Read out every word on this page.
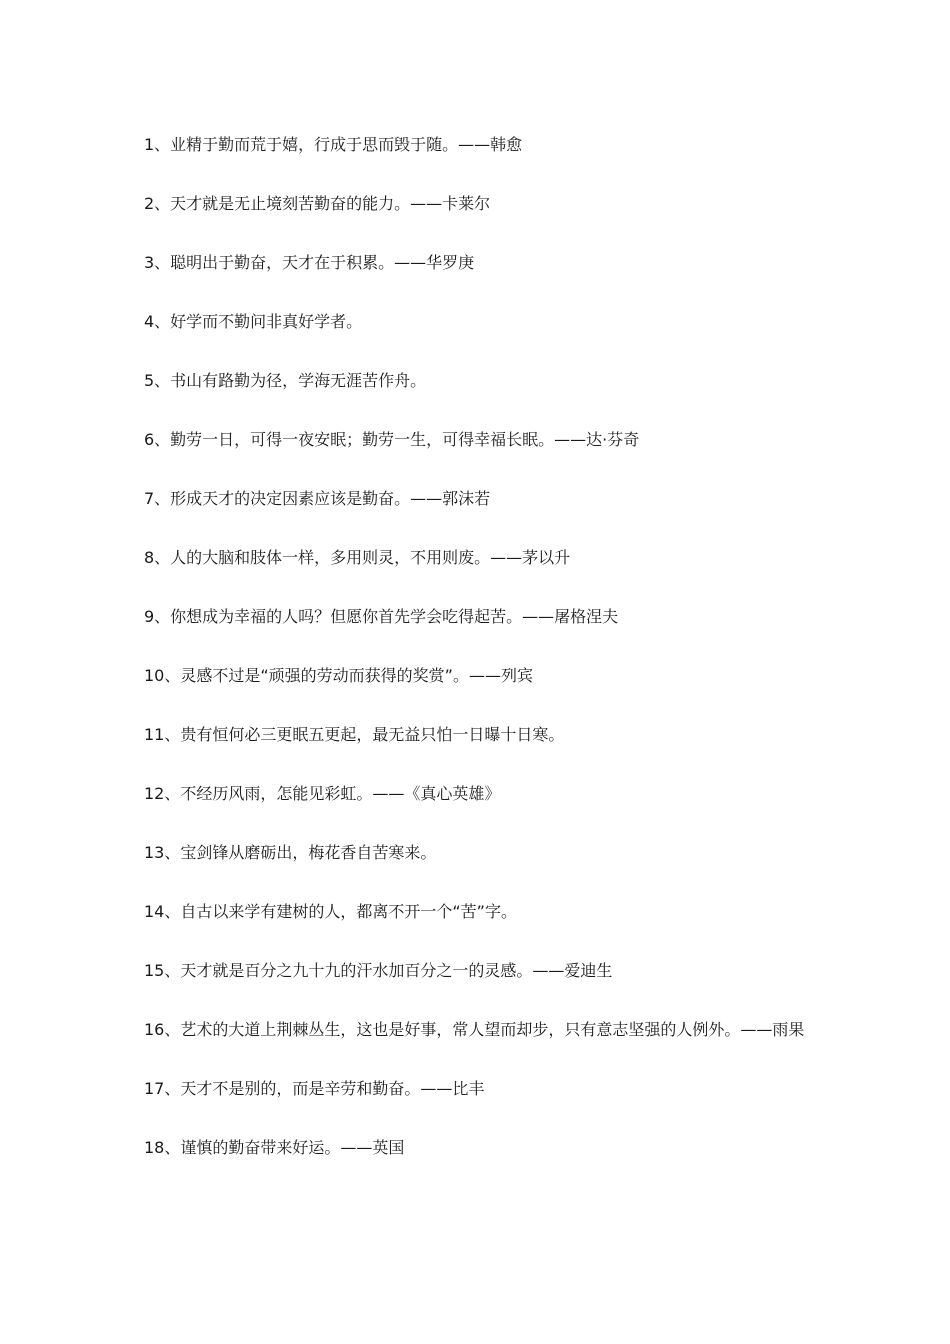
1、业精于勤而荒于嬉，行成于思而毁于随。——韩愈
2、天才就是无止境刻苦勤奋的能力。——卡莱尔
3、聪明出于勤奋，天才在于积累。——华罗庚
4、好学而不勤问非真好学者。
5、书山有路勤为径，学海无涯苦作舟。
6、勤劳一日，可得一夜安眠；勤劳一生，可得幸福长眠。——达·芬奇
7、形成天才的决定因素应该是勤奋。——郭沫若
8、人的大脑和肢体一样，多用则灵，不用则废。——茅以升
9、你想成为幸福的人吗？但愿你首先学会吃得起苦。——屠格涅夫
10、灵感不过是“顽强的劳动而获得的奖赏”。——列宾
11、贵有恒何必三更眠五更起，最无益只怕一日曝十日寒。
12、不经历风雨，怎能见彩虹。——《真心英雄》
13、宝剑锋从磨砺出，梅花香自苦寒来。
14、自古以来学有建树的人，都离不开一个“苦”字。
15、天才就是百分之九十九的汗水加百分之一的灵感。——爱迪生
16、艺术的大道上荆棘丛生，这也是好事，常人望而却步，只有意志坚强的人例外。——雨果
17、天才不是别的，而是辛劳和勤奋。——比丰
18、谨慎的勤奋带来好运。——英国
